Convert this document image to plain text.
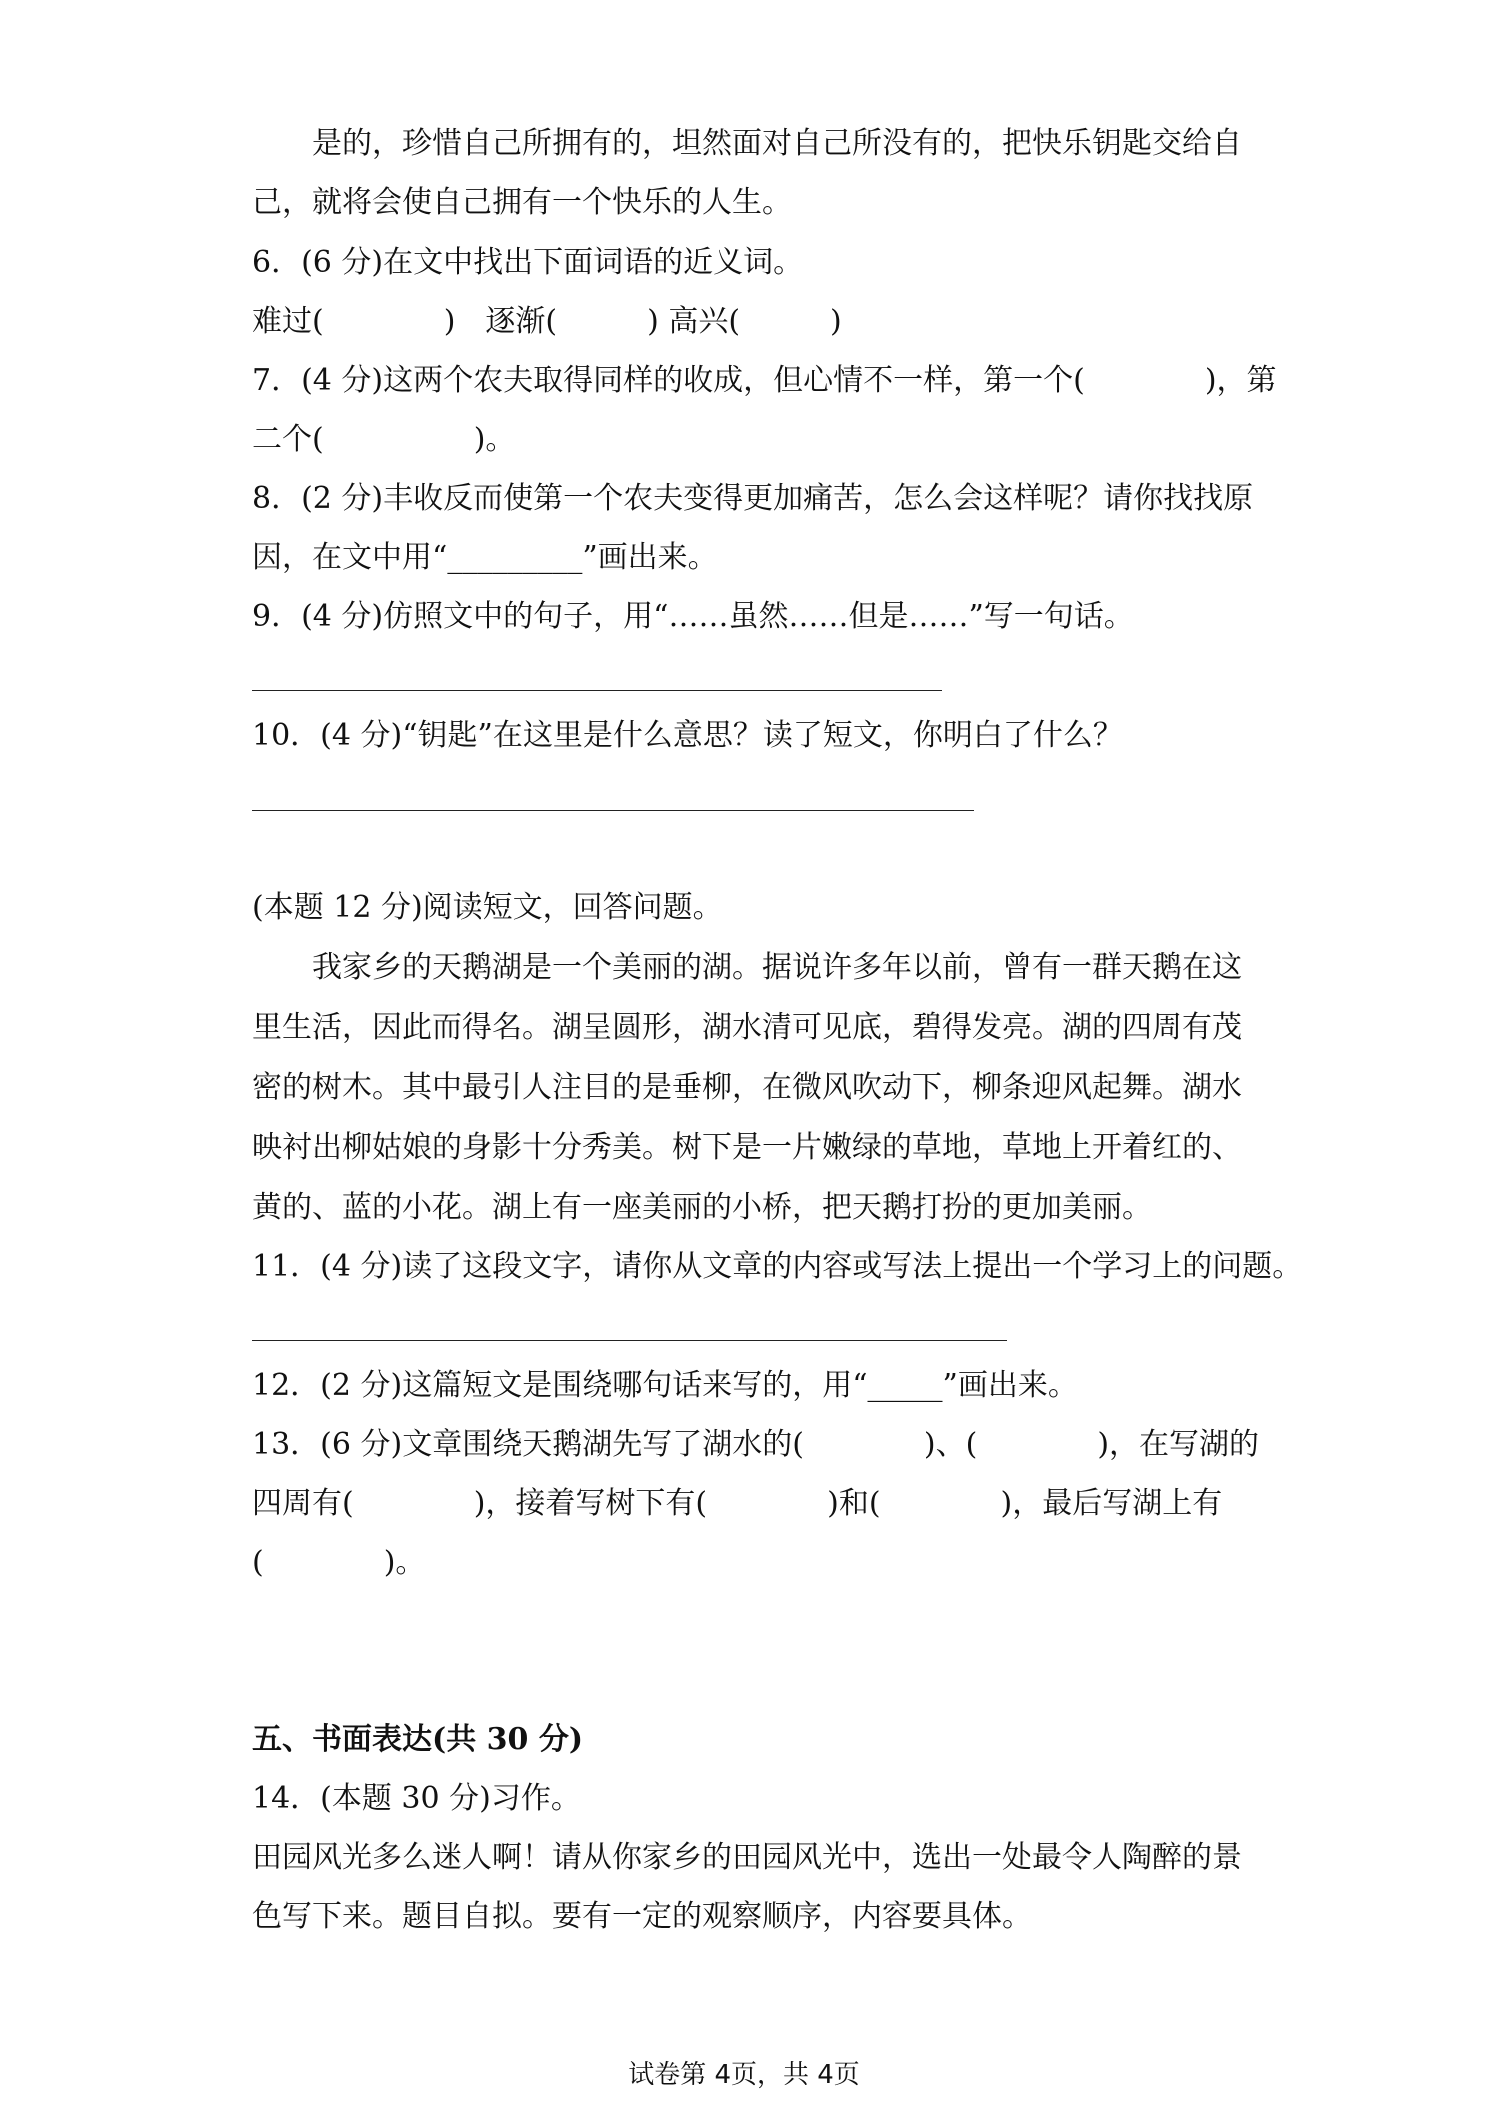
是的，珍惜自己所拥有的，坦然面对自己所没有的，把快乐钥匙交给自
己，就将会使自己拥有一个快乐的人生。
6．(6 分)在文中找出下面词语的近义词。
难过(　　　　)　逐渐(　　　) 高兴(　　　)
7．(4 分)这两个农夫取得同样的收成，但心情不一样，第一个(　　　　)，第
二个(　　　　　)。
8．(2 分)丰收反而使第一个农夫变得更加痛苦，怎么会这样呢？请你找找原
因，在文中用“_________”画出来。
9．(4 分)仿照文中的句子，用“……虽然……但是……”写一句话。
10．(4 分)“钥匙”在这里是什么意思？读了短文，你明白了什么？
(本题 12 分)阅读短文，回答问题。
我家乡的天鹅湖是一个美丽的湖。据说许多年以前，曾有一群天鹅在这
里生活，因此而得名。湖呈圆形，湖水清可见底，碧得发亮。湖的四周有茂
密的树木。其中最引人注目的是垂柳，在微风吹动下，柳条迎风起舞。湖水
映衬出柳姑娘的身影十分秀美。树下是一片嫩绿的草地，草地上开着红的、
黄的、蓝的小花。湖上有一座美丽的小桥，把天鹅打扮的更加美丽。
11．(4 分)读了这段文字，请你从文章的内容或写法上提出一个学习上的问题。
12．(2 分)这篇短文是围绕哪句话来写的，用“_____”画出来。
13．(6 分)文章围绕天鹅湖先写了湖水的(　　　　)、(　　　　)，在写湖的
四周有(　　　　)，接着写树下有(　　　　)和(　　　　)，最后写湖上有
(　　　　)。
五、书面表达(共 30 分)
14．(本题 30 分)习作。
田园风光多么迷人啊！请从你家乡的田园风光中，选出一处最令人陶醉的景
色写下来。题目自拟。要有一定的观察顺序，内容要具体。
试卷第 4页，共 4页
